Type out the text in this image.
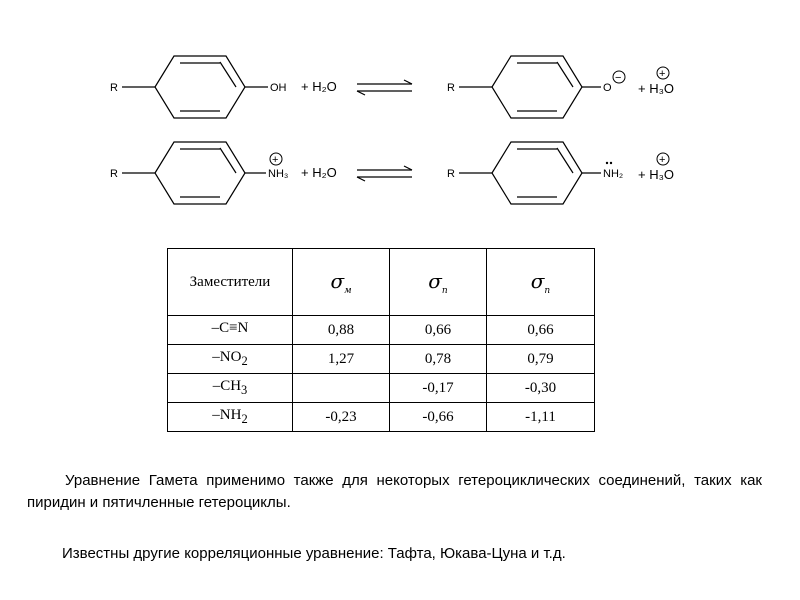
R	OH + H₂O	R	O
−
+ H₃O
+
R	NH₃
+
+ H₂O	R	NH₂ + H₃O
+
Заместители	$\sigma_м$	$\sigma_п$	$\sigma_п$
–C≡N	0,88	0,66	0,66
$-NO_2$	1,27	0,78	0,79
$-CH_3$		-0,17	-0,30
$-NH_2$	-0,23	-0,66	-1,11
Уравнение Гамета применимо также для некоторых гетероциклических соединений, таких как пиридин и пятичленные гетероциклы.
Известны другие корреляционные уравнение: Тафта, Юкава-Цуна и т.д.
